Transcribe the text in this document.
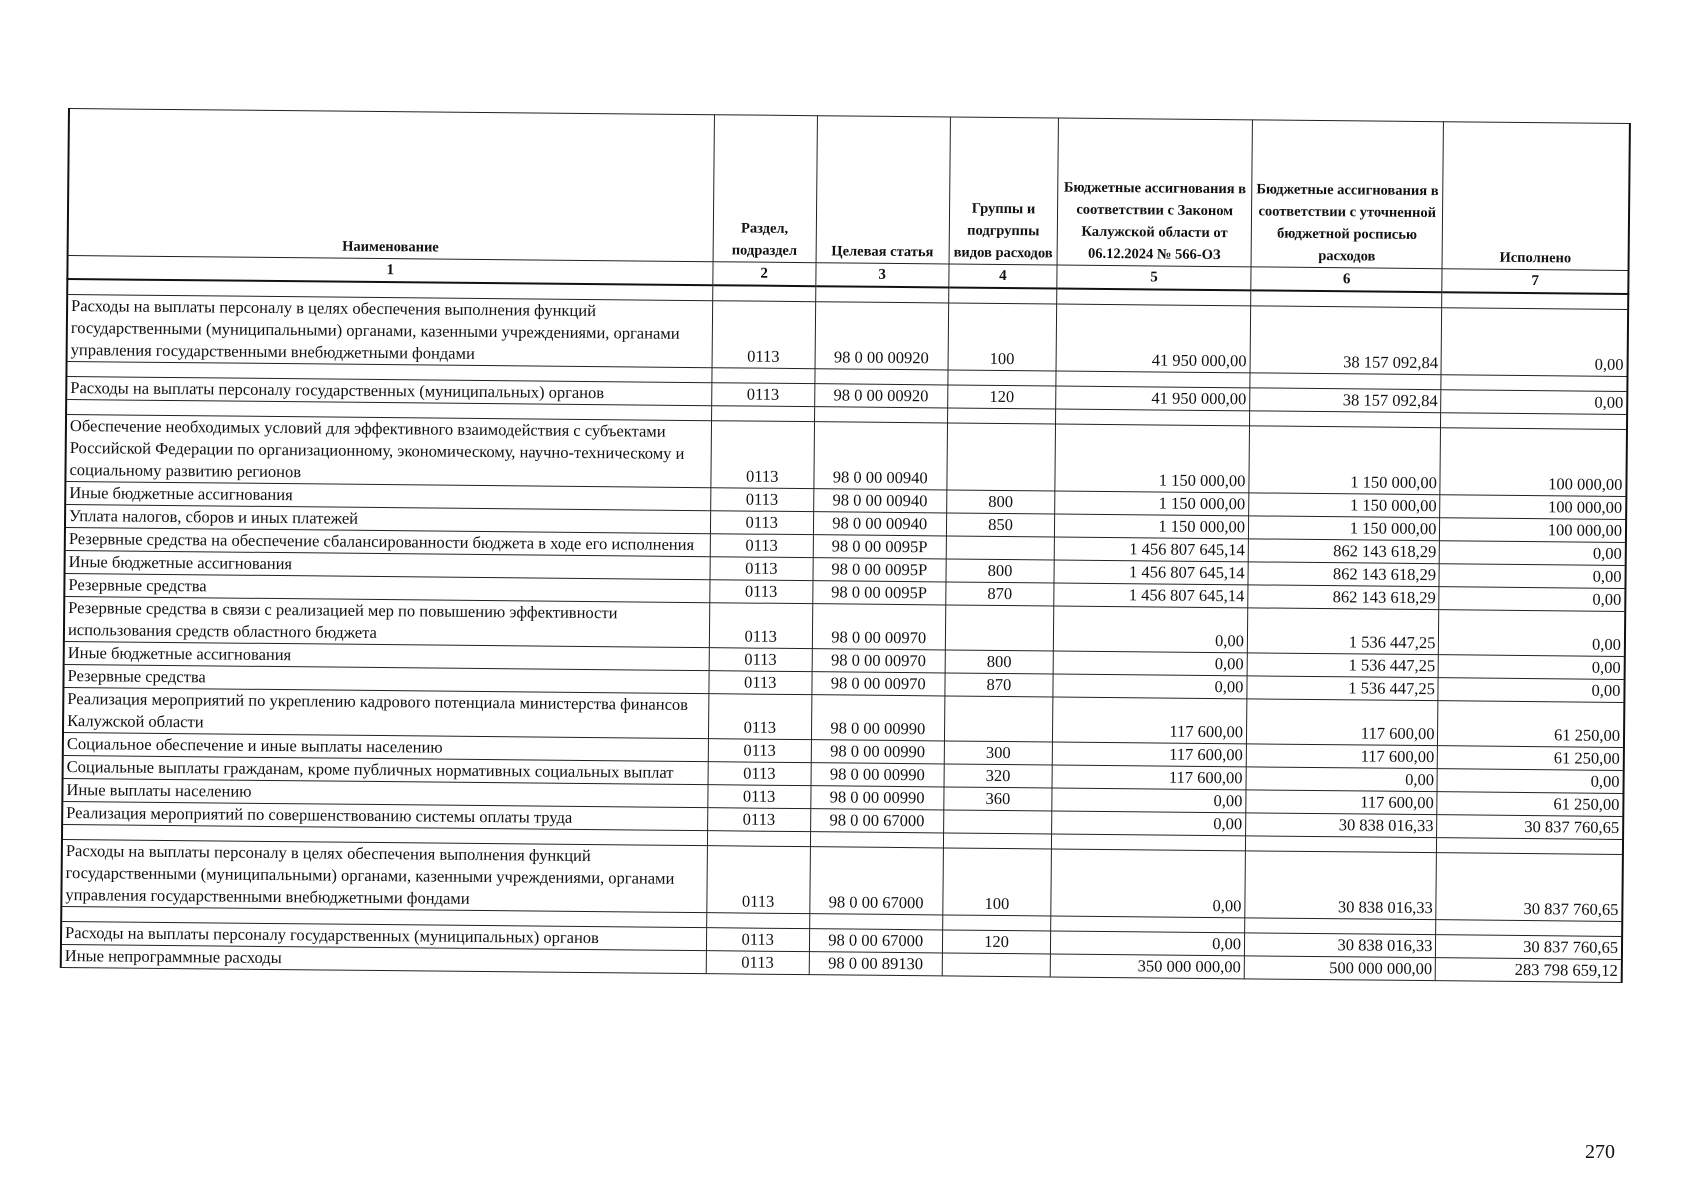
Наименование	Раздел, подраздел	Целевая статья	Группы и подгруппы видов расходов	Бюджетные ассигнования в соответствии с Законом Калужской области от 06.12.2024 № 566-ОЗ	Бюджетные ассигнования в соответствии с уточненной бюджетной росписью расходов	Исполнено
1	2	3	4	5	6	7

Расходы на выплаты персоналу в целях обеспечения выполнения функций государственными (муниципальными) органами, казенными учреждениями, органами управления государственными внебюджетными фондами	0113	98 0 00 00920	100	41 950 000,00	38 157 092,84	0,00

Расходы на выплаты персоналу государственных (муниципальных) органов	0113	98 0 00 00920	120	41 950 000,00	38 157 092,84	0,00

Обеспечение необходимых условий для эффективного взаимодействия с субъектами Российской Федерации по организационному, экономическому, научно-техническому и социальному развитию регионов	0113	98 0 00 00940		1 150 000,00	1 150 000,00	100 000,00
Иные бюджетные ассигнования	0113	98 0 00 00940	800	1 150 000,00	1 150 000,00	100 000,00
Уплата налогов, сборов и иных платежей	0113	98 0 00 00940	850	1 150 000,00	1 150 000,00	100 000,00
Резервные средства на обеспечение сбалансированности бюджета в ходе его исполнения	0113	98 0 00 0095Р		1 456 807 645,14	862 143 618,29	0,00
Иные бюджетные ассигнования	0113	98 0 00 0095Р	800	1 456 807 645,14	862 143 618,29	0,00
Резервные средства	0113	98 0 00 0095Р	870	1 456 807 645,14	862 143 618,29	0,00
Резервные средства в связи с реализацией мер по повышению эффективности использования средств областного бюджета	0113	98 0 00 00970		0,00	1 536 447,25	0,00
Иные бюджетные ассигнования	0113	98 0 00 00970	800	0,00	1 536 447,25	0,00
Резервные средства	0113	98 0 00 00970	870	0,00	1 536 447,25	0,00
Реализация мероприятий по укреплению кадрового потенциала министерства финансов Калужской области	0113	98 0 00 00990		117 600,00	117 600,00	61 250,00
Социальное обеспечение и иные выплаты населению	0113	98 0 00 00990	300	117 600,00	117 600,00	61 250,00
Социальные выплаты гражданам, кроме публичных нормативных социальных выплат	0113	98 0 00 00990	320	117 600,00	0,00	0,00
Иные выплаты населению	0113	98 0 00 00990	360	0,00	117 600,00	61 250,00
Реализация мероприятий по совершенствованию системы оплаты труда	0113	98 0 00 67000		0,00	30 838 016,33	30 837 760,65

Расходы на выплаты персоналу в целях обеспечения выполнения функций государственными (муниципальными) органами, казенными учреждениями, органами управления государственными внебюджетными фондами	0113	98 0 00 67000	100	0,00	30 838 016,33	30 837 760,65

Расходы на выплаты персоналу государственных (муниципальных) органов	0113	98 0 00 67000	120	0,00	30 838 016,33	30 837 760,65
Иные непрограммные расходы	0113	98 0 00 89130		350 000 000,00	500 000 000,00	283 798 659,12
270
